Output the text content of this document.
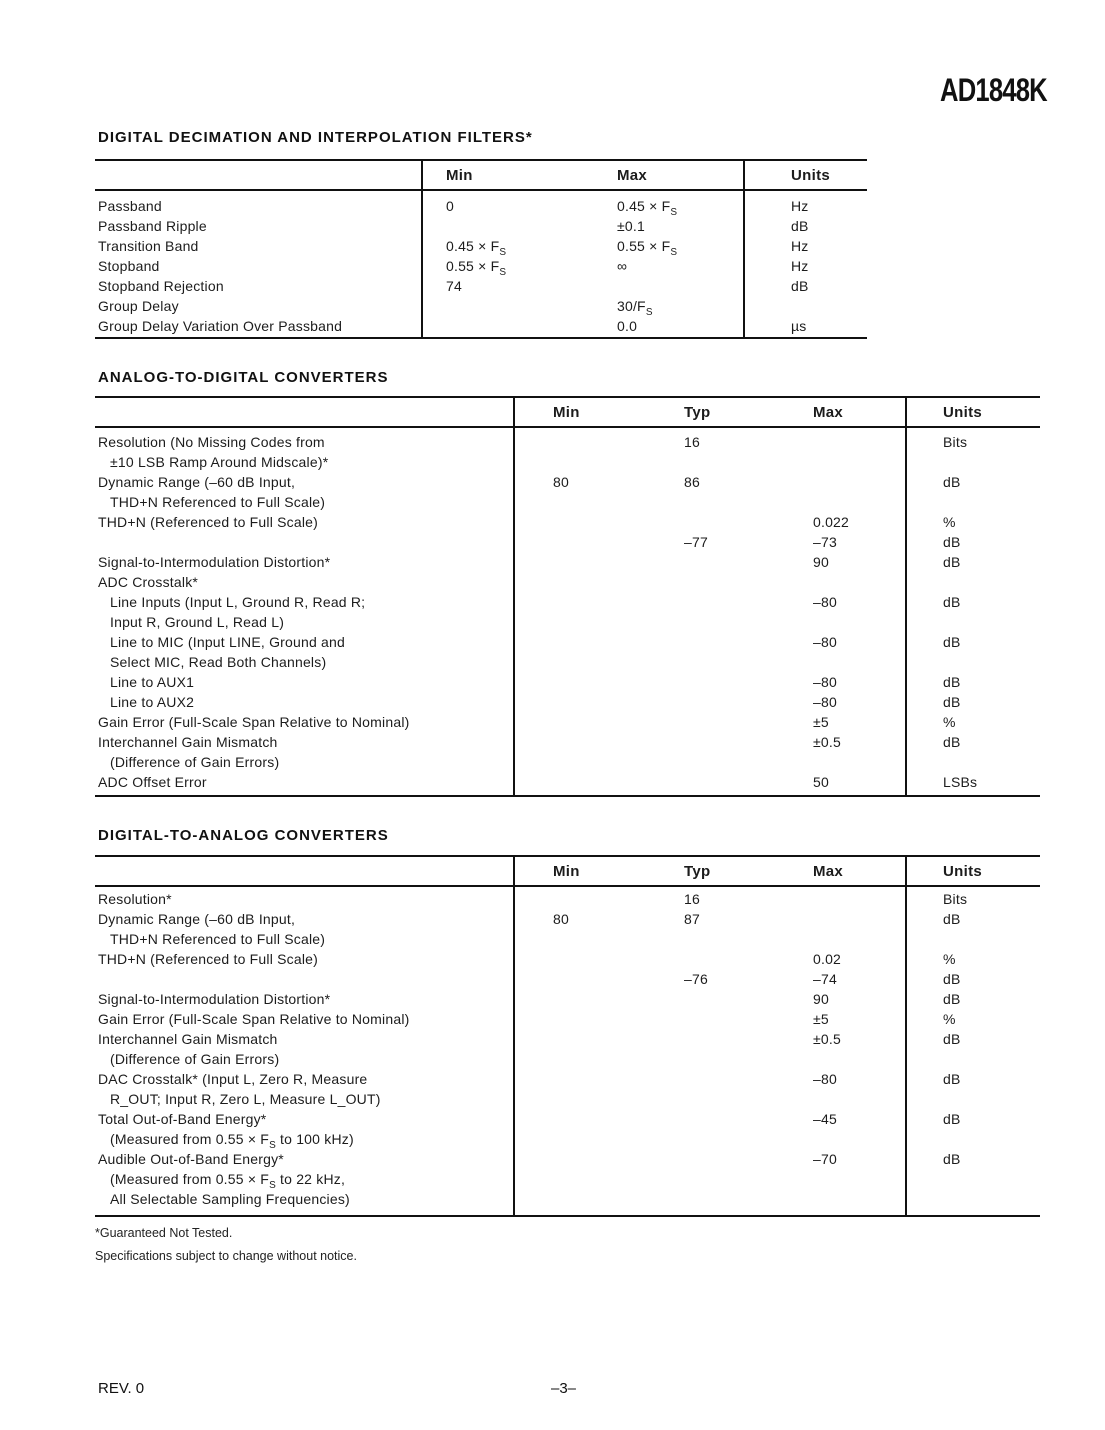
AD1848K
DIGITAL DECIMATION AND INTERPOLATION FILTERS*
Min	Max	Units
Passband	0	$0.45 \times F_S$	Hz
Passband Ripple	±0.1	dB
Transition Band	$0.45 \times F_S$	$0.55 \times F_S$	Hz
Stopband	$0.55 \times F_S$	∞	Hz
Stopband Rejection	74	dB
Group Delay	$30/F_S$
Group Delay Variation Over Passband	0.0	µs
ANALOG-TO-DIGITAL CONVERTERS
Min	Typ	Max	Units
Resolution (No Missing Codes from	16	Bits
±10 LSB Ramp Around Midscale)*
Dynamic Range (–60 dB Input,	80	86	dB
THD+N Referenced to Full Scale)
THD+N (Referenced to Full Scale)	0.022	%
–77	–73	dB
Signal-to-Intermodulation Distortion*	90	dB
ADC Crosstalk*
Line Inputs (Input L, Ground R, Read R;	–80	dB
Input R, Ground L, Read L)
Line to MIC (Input LINE, Ground and	–80	dB
Select MIC, Read Both Channels)
Line to AUX1	–80	dB
Line to AUX2	–80	dB
Gain Error (Full-Scale Span Relative to Nominal)	±5	%
Interchannel Gain Mismatch	±0.5	dB
(Difference of Gain Errors)
ADC Offset Error	50	LSBs
DIGITAL-TO-ANALOG CONVERTERS
Min	Typ	Max	Units
Resolution*	16	Bits
Dynamic Range (–60 dB Input,	80	87	dB
THD+N Referenced to Full Scale)
THD+N (Referenced to Full Scale)	0.02	%
–76	–74	dB
Signal-to-Intermodulation Distortion*	90	dB
Gain Error (Full-Scale Span Relative to Nominal)	±5	%
Interchannel Gain Mismatch	±0.5	dB
(Difference of Gain Errors)
DAC Crosstalk* (Input L, Zero R, Measure	–80	dB
R_OUT; Input R, Zero L, Measure L_OUT)
Total Out-of-Band Energy*	–45	dB
(Measured from $0.55 \times F_S$ to 100 kHz)
Audible Out-of-Band Energy*	–70	dB
(Measured from $0.55 \times F_S$ to 22 kHz,
All Selectable Sampling Frequencies)
*Guaranteed Not Tested.
Specifications subject to change without notice.
REV. 0	–3–
